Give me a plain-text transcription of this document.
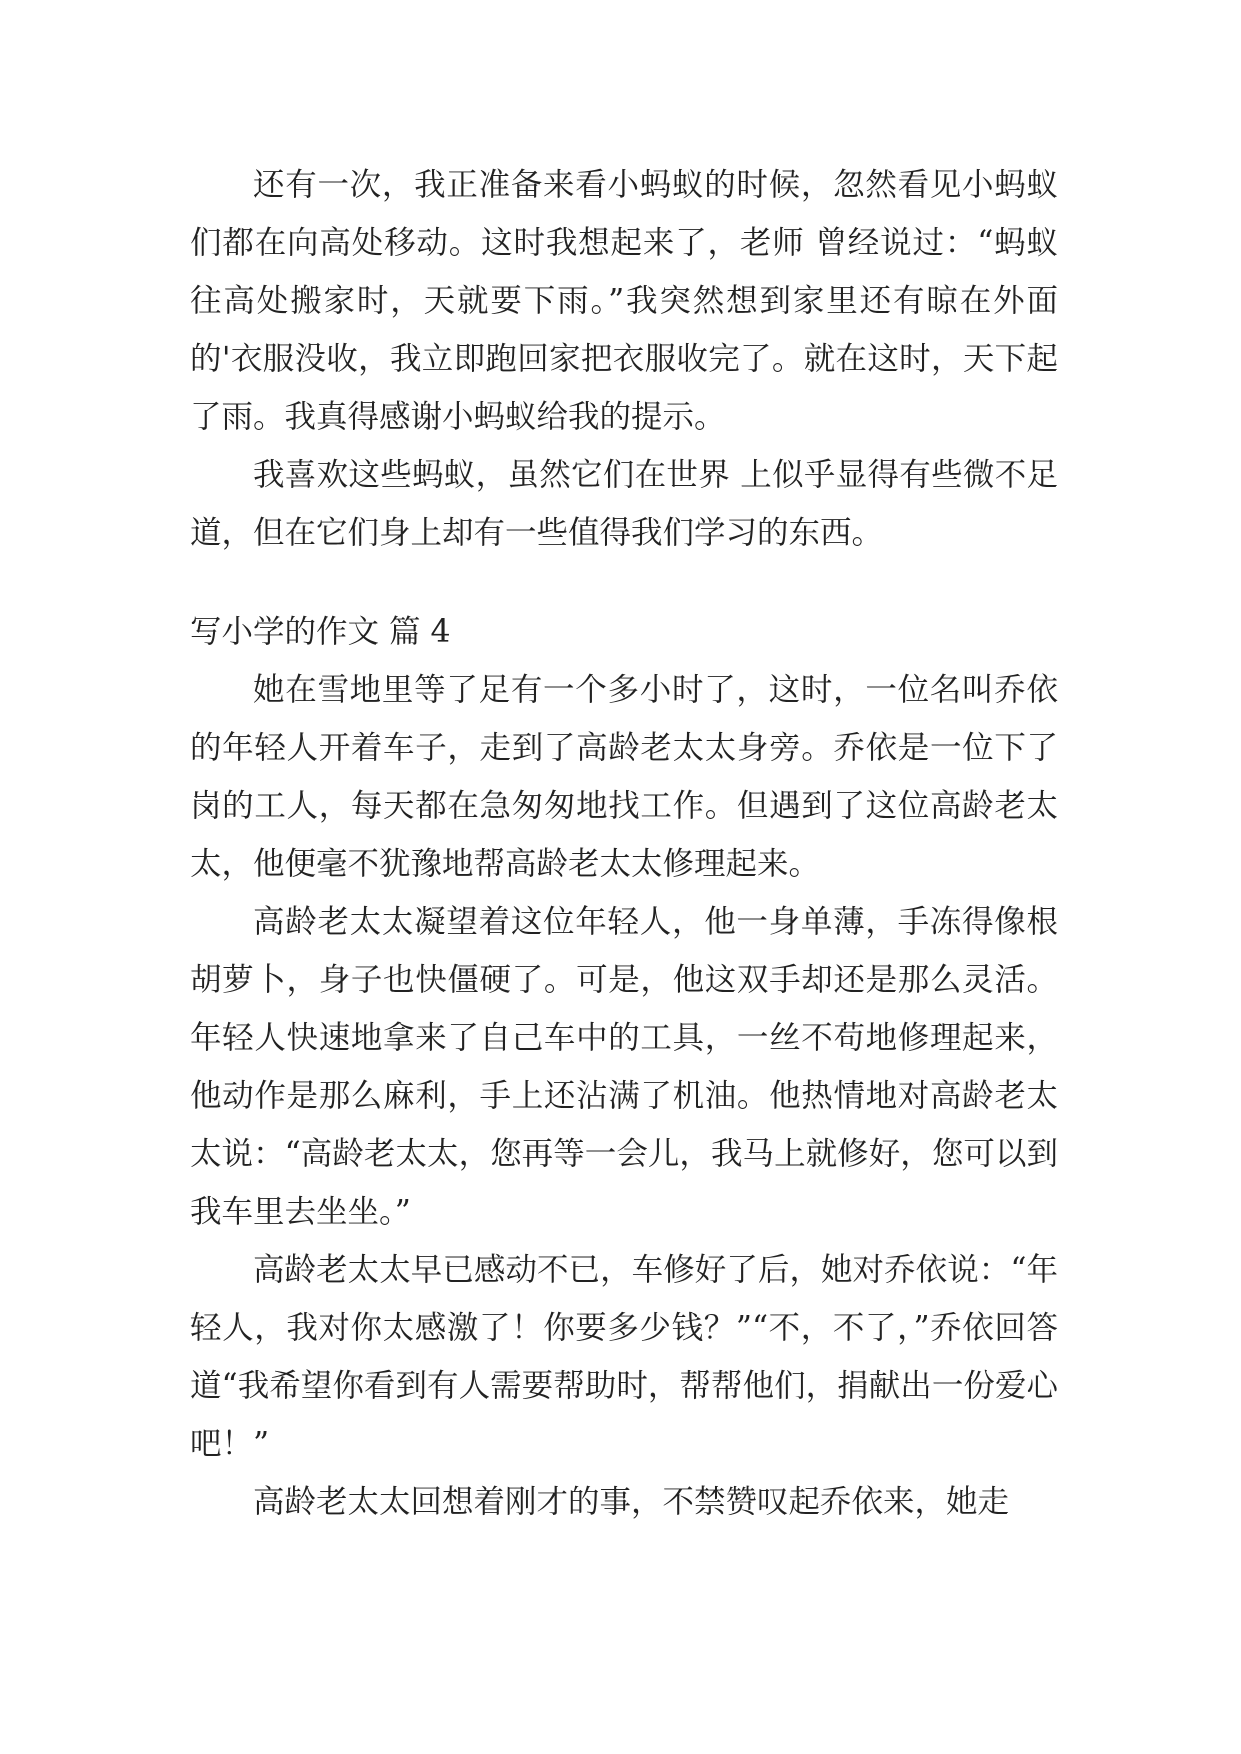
还有一次，我正准备来看小蚂蚁的时候，忽然看见小蚂蚁们都在向高处移动。这时我想起来了，老师 曾经说过：“蚂蚁往高处搬家时，天就要下雨。”我突然想到家里还有晾在外面的'衣服没收，我立即跑回家把衣服收完了。就在这时，天下起了雨。我真得感谢小蚂蚁给我的提示。

我喜欢这些蚂蚁，虽然它们在世界 上似乎显得有些微不足道，但在它们身上却有一些值得我们学习的东西。

写小学的作文 篇 4

她在雪地里等了足有一个多小时了，这时，一位名叫乔依的年轻人开着车子，走到了高龄老太太身旁。乔依是一位下了岗的工人，每天都在急匆匆地找工作。但遇到了这位高龄老太太，他便毫不犹豫地帮高龄老太太修理起来。

高龄老太太凝望着这位年轻人，他一身单薄，手冻得像根胡萝卜，身子也快僵硬了。可是，他这双手却还是那么灵活。年轻人快速地拿来了自己车中的工具，一丝不苟地修理起来，他动作是那么麻利，手上还沾满了机油。他热情地对高龄老太太说：“高龄老太太，您再等一会儿，我马上就修好，您可以到我车里去坐坐。”

高龄老太太早已感动不已，车修好了后，她对乔依说：“年轻人，我对你太感激了！你要多少钱？”“不，不了，”乔依回答道“我希望你看到有人需要帮助时，帮帮他们，捐献出一份爱心吧！”

高龄老太太回想着刚才的事，不禁赞叹起乔依来，她走
